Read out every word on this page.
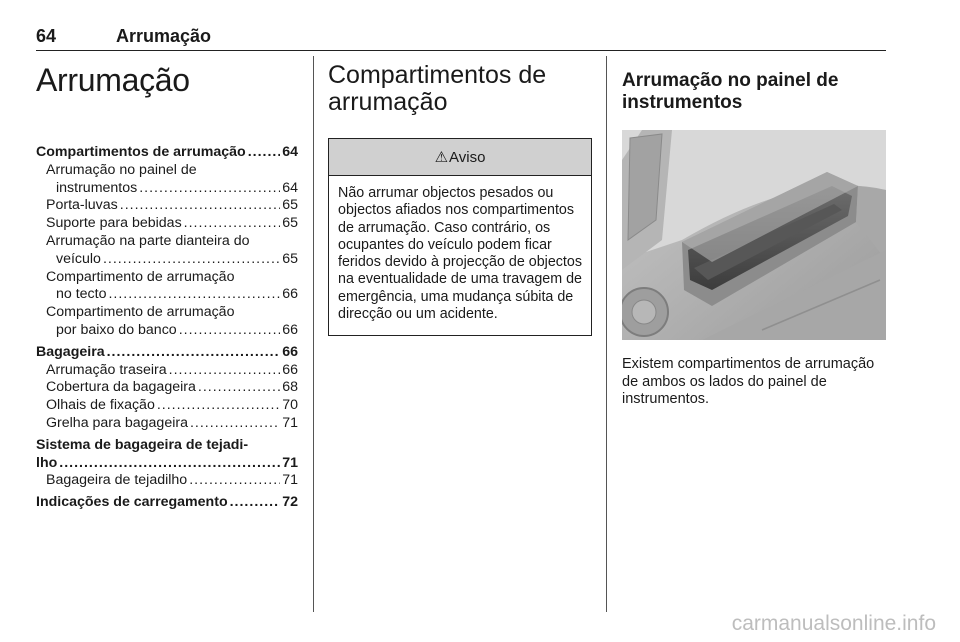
64	Arrumação
Arrumação
Compartimentos de arrumação .....	64
Arrumação no painel de
instrumentos .....	64
Porta-luvas .....	65
Suporte para bebidas .....	65
Arrumação na parte dianteira do
veículo .....	65
Compartimento de arrumação
no tecto .....	66
Compartimento de arrumação
por baixo do banco .....	66
Bagageira .....	66
Arrumação traseira .....	66
Cobertura da bagageira .....	68
Olhais de fixação .....	70
Grelha para bagageira .....	71
Sistema de bagageira de tejadi-
lho .....	71
Bagageira de tejadilho .....	71
Indicações de carregamento .....	72
Compartimentos de
arrumação
⚠ Aviso
Não arrumar objectos pesados ou objectos afiados nos compartimentos de arrumação. Caso contrário, os ocupantes do veículo podem ficar feridos devido à projecção de objectos na eventualidade de uma travagem de emergência, uma mudança súbita de direcção ou um acidente.
Arrumação no painel de
instrumentos

Existem compartimentos de arrumação de ambos os lados do painel de instrumentos.

carmanualsonline.info
